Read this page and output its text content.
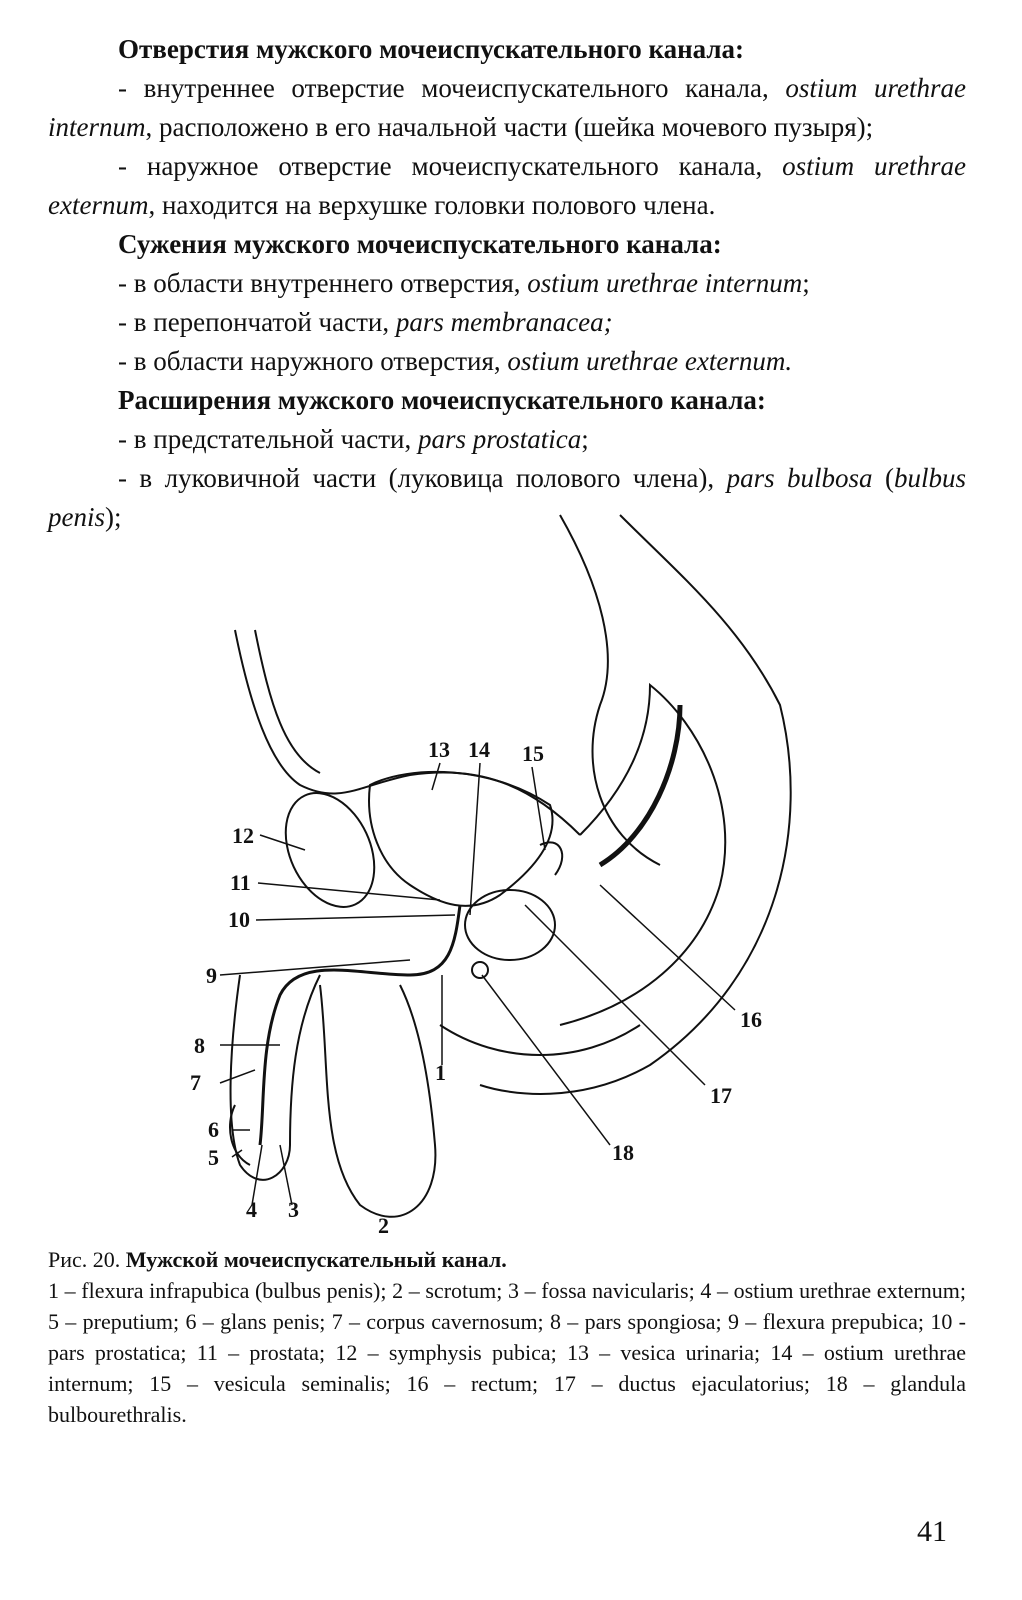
Отверстия мужского мочеиспускательного канала:

- внутреннее отверстие мочеиспускательного канала, ostium urethrae internum, расположено в его начальной части (шейка мочевого пузыря);

- наружное отверстие мочеиспускательного канала, ostium urethrae externum, находится на верхушке головки полового члена.

Сужения мужского мочеиспускательного канала:

- в области внутреннего отверстия, ostium urethrae internum;

- в перепончатой части, pars membranacea;

- в области наружного отверстия, ostium urethrae externum.

Расширения мужского мочеиспускательного канала:

- в предстательной части, pars prostatica;

- в луковичной части (луковица полового члена), pars bulbosa (bulbus penis);

13 14 15
12
11
10
9
8
7
6
5
4 3
2
1
16
17
18
Рис. 20. Мужской мочеиспускательный канал.
1 – flexura infrapubica (bulbus penis); 2 – scrotum; 3 – fossa navicularis; 4 – ostium urethrae externum; 5 – preputium; 6 – glans penis; 7 – corpus cavernosum; 8 – pars spongiosa; 9 – flexura prepubica; 10 - pars prostatica; 11 – prostata; 12 – symphysis pubica; 13 – vesica urinaria; 14 – ostium urethrae internum; 15 – vesicula seminalis; 16 – rectum; 17 – ductus ejaculatorius; 18 – glandula bulbourethralis.
41
